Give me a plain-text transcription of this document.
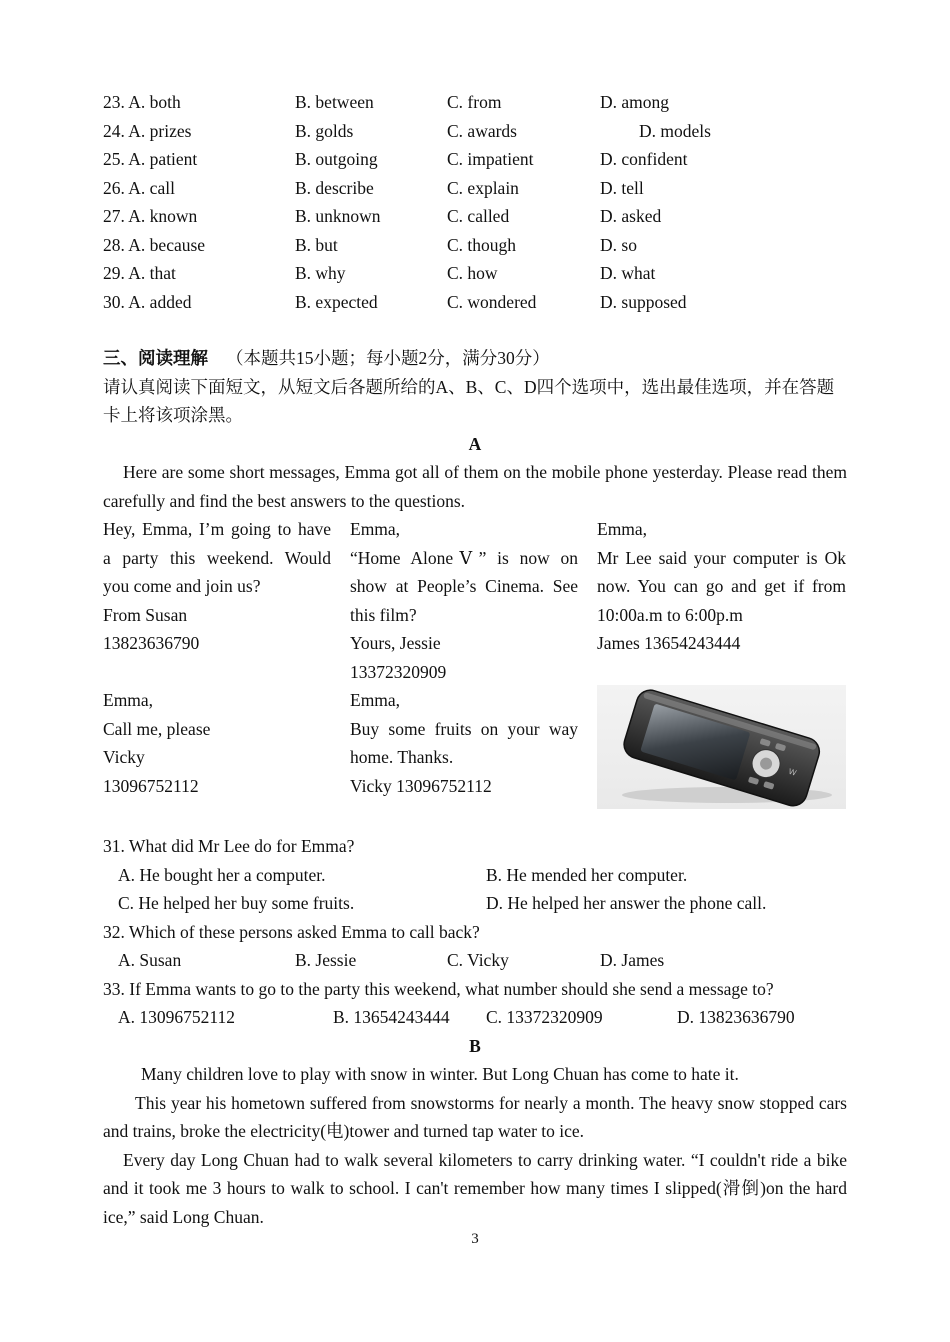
23. A. both	B. between	C. from	D. among
24. A. prizes	B. golds	C. awards	D. models
25. A. patient	B. outgoing	C. impatient	D. confident
26. A. call	B. describe	C. explain	D. tell
27. A. known	B. unknown	C. called	D. asked
28. A. because	B. but	C. though	D. so
29. A. that	B. why	C. how	D. what
30. A. added	B. expected	C. wondered	D. supposed
三、阅读理解 （本题共15小题；每小题2分，满分30分）
请认真阅读下面短文，从短文后各题所给的A、B、C、D四个选项中，选出最佳选项，并在答题
卡上将该项涂黑。
A
Here are some short messages, Emma got all of them on the mobile phone yesterday. Please read them carefully and find the best answers to the questions.
Hey, Emma, I’m going to have a party this weekend. Would you come and join us?
From Susan
13823636790
Emma,
“Home AloneⅤ” is now on show at People’s Cinema. See this film?
Yours, Jessie
13372320909
Emma,
Mr Lee said your computer is Ok now. You can go and get if from 10:00a.m to 6:00p.m
James 13654243444
Emma,
Call me, please
Vicky
13096752112
Emma,
Buy some fruits on your way home. Thanks.
Vicky 13096752112
W
31. What did Mr Lee do for Emma?
A. He bought her a computer.	B. He mended her computer.
C. He helped her buy some fruits.	D. He helped her answer the phone call.
32. Which of these persons asked Emma to call back?
A. Susan	B. Jessie	C. Vicky	D. James
33. If Emma wants to go to the party this weekend, what number should she send a message to?
A. 13096752112	B. 13654243444 C. 13372320909	D. 13823636790
B
Many children love to play with snow in winter. But Long Chuan has come to hate it.
This year his hometown suffered from snowstorms for nearly a month. The heavy snow stopped cars and trains, broke the electricity(电)tower and turned tap water to ice.
Every day Long Chuan had to walk several kilometers to carry drinking water. “I couldn't ride a bike and it took me 3 hours to walk to school. I can't remember how many times I slipped(滑倒)on the hard ice,” said Long Chuan.
3
